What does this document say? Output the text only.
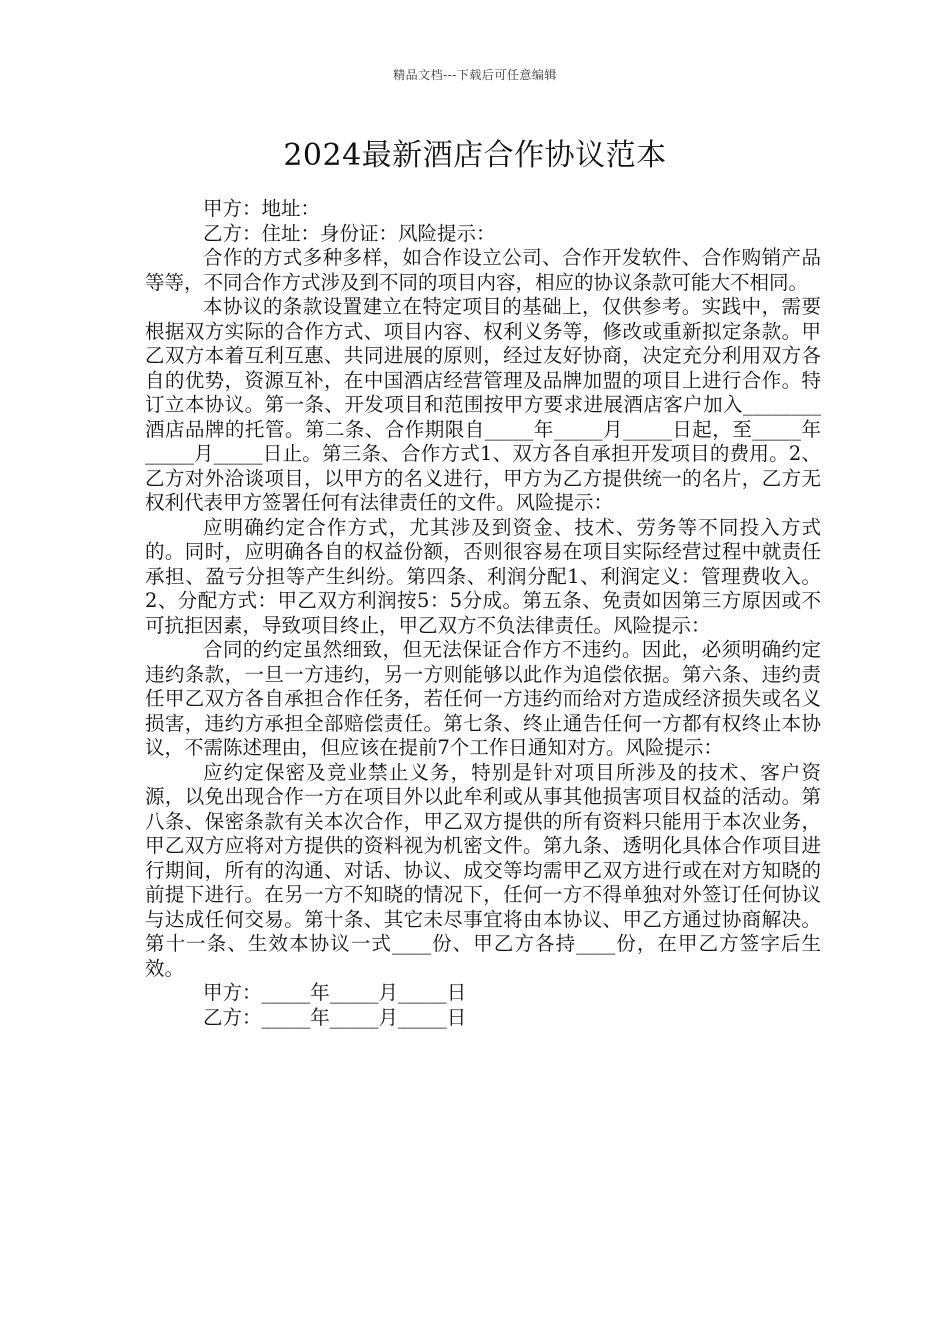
精品文档---下载后可任意编辑
2024最新酒店合作协议范本

甲方：地址：

乙方：住址：身份证：风险提示：

合作的方式多种多样，如合作设立公司、合作开发软件、合作购销产品等等，不同合作方式涉及到不同的项目内容，相应的协议条款可能大不相同。

本协议的条款设置建立在特定项目的基础上，仅供参考。实践中，需要根据双方实际的合作方式、项目内容、权利义务等，修改或重新拟定条款。甲乙双方本着互利互惠、共同进展的原则，经过友好协商，决定充分利用双方各自的优势，资源互补，在中国酒店经营管理及品牌加盟的项目上进行合作。特订立本协议。第一条、开发项目和范围按甲方要求进展酒店客户加入________酒店品牌的托管。第二条、合作期限自_____年_____月_____日起，至_____年_____月_____日止。第三条、合作方式1、双方各自承担开发项目的费用。2、乙方对外洽谈项目，以甲方的名义进行，甲方为乙方提供统一的名片，乙方无权利代表甲方签署任何有法律责任的文件。风险提示：

应明确约定合作方式，尤其涉及到资金、技术、劳务等不同投入方式的。同时，应明确各自的权益份额，否则很容易在项目实际经营过程中就责任承担、盈亏分担等产生纠纷。第四条、利润分配1、利润定义：管理费收入。2、分配方式：甲乙双方利润按5：5分成。第五条、免责如因第三方原因或不可抗拒因素，导致项目终止，甲乙双方不负法律责任。风险提示：

合同的约定虽然细致，但无法保证合作方不违约。因此，必须明确约定违约条款，一旦一方违约，另一方则能够以此作为追偿依据。第六条、违约责任甲乙双方各自承担合作任务，若任何一方违约而给对方造成经济损失或名义损害，违约方承担全部赔偿责任。第七条、终止通告任何一方都有权终止本协议，不需陈述理由，但应该在提前7个工作日通知对方。风险提示：

应约定保密及竞业禁止义务，特别是针对项目所涉及的技术、客户资源，以免出现合作一方在项目外以此牟利或从事其他损害项目权益的活动。第八条、保密条款有关本次合作，甲乙双方提供的所有资料只能用于本次业务，甲乙双方应将对方提供的资料视为机密文件。第九条、透明化具体合作项目进行期间，所有的沟通、对话、协议、成交等均需甲乙双方进行或在对方知晓的前提下进行。在另一方不知晓的情况下，任何一方不得单独对外签订任何协议与达成任何交易。第十条、其它未尽事宜将由本协议、甲乙方通过协商解决。第十一条、生效本协议一式____份、甲乙方各持____份，在甲乙方签字后生效。

甲方：_____年_____月_____日

乙方：_____年_____月_____日
